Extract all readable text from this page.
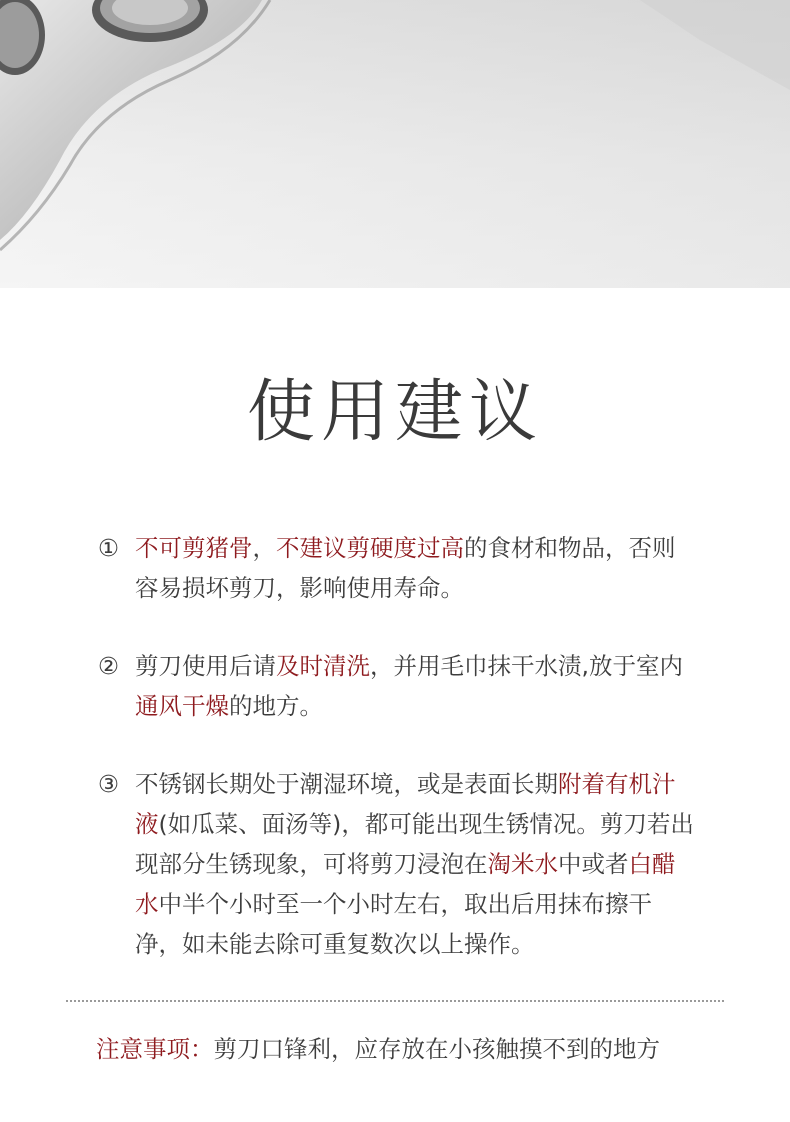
使用建议
① 不可剪猪骨，不建议剪硬度过高的食材和物品，否则容易损坏剪刀，影响使用寿命。
② 剪刀使用后请及时清洗，并用毛巾抹干水渍,放于室内通风干燥的地方。
③ 不锈钢长期处于潮湿环境，或是表面长期附着有机汁液(如瓜菜、面汤等)，都可能出现生锈情况。剪刀若出现部分生锈现象，可将剪刀浸泡在淘米水中或者白醋水中半个小时至一个小时左右，取出后用抹布擦干净，如未能去除可重复数次以上操作。
注意事项：剪刀口锋利，应存放在小孩触摸不到的地方
